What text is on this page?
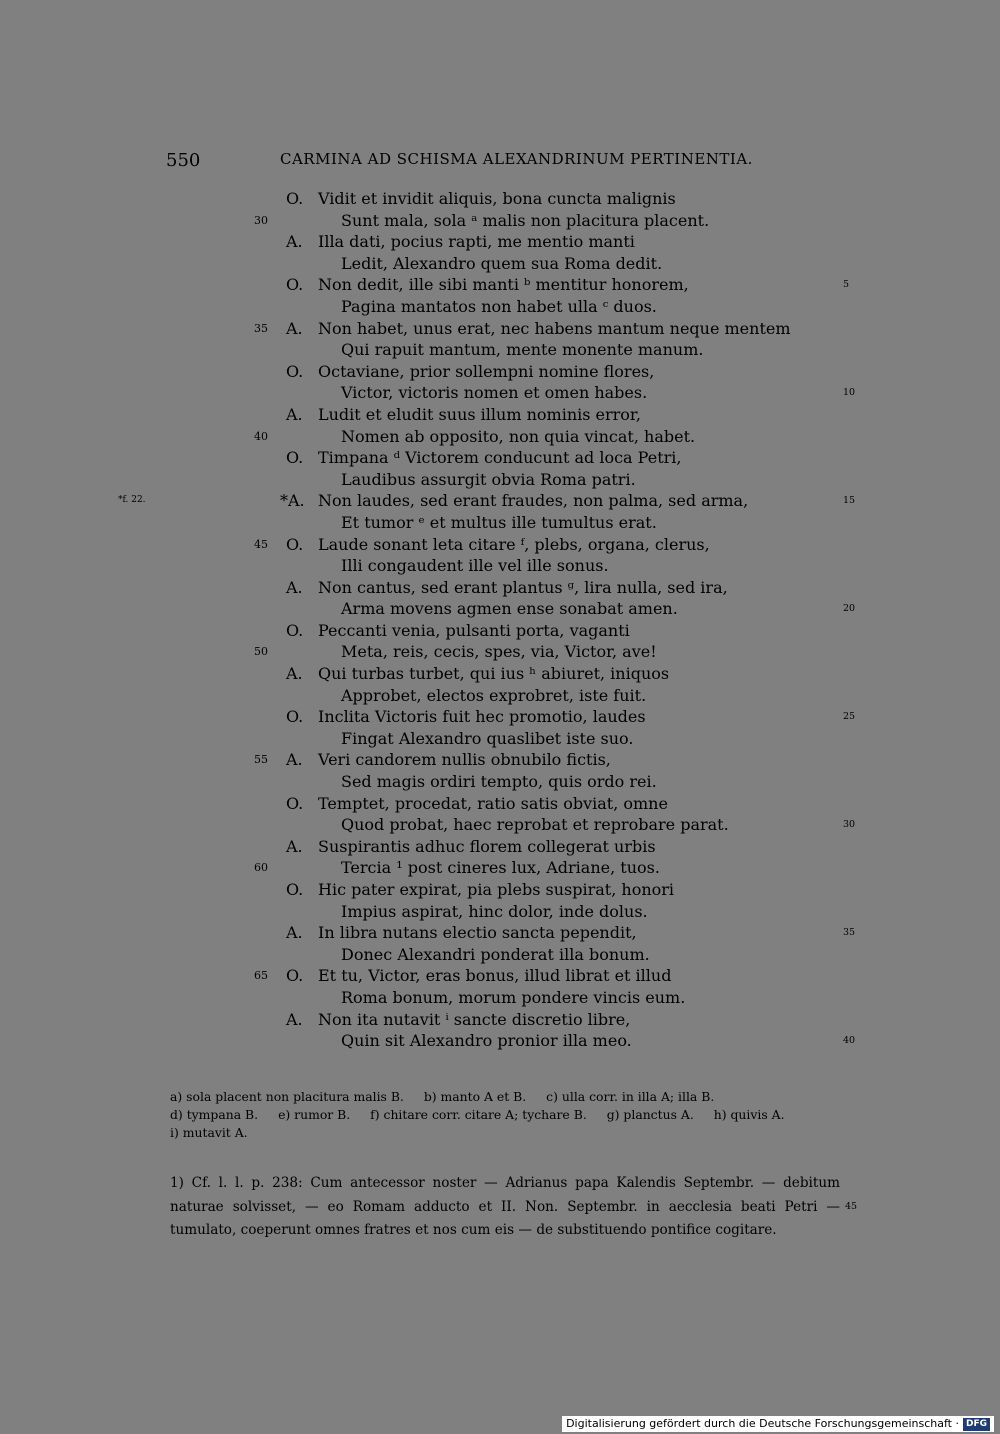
550	CARMINA AD SCHISMA ALEXANDRINUM PERTINENTIA.
O. Vidit et invidit aliquis, bona cuncta malignis
30	Sunt mala, sola ᵃ malis non placitura placent.
A. Illa dati, pocius rapti, me mentio manti
Ledit, Alexandro quem sua Roma dedit.
O. Non dedit, ille sibi manti ᵇ mentitur honorem,	5
Pagina mantatos non habet ulla ᶜ duos.
35 A. Non habet, unus erat, nec habens mantum neque mentem
Qui rapuit mantum, mente monente manum.
O. Octaviane, prior sollempni nomine flores,
Victor, victoris nomen et omen habes.	10
A. Ludit et eludit suus illum nominis error,
40	Nomen ab opposito, non quia vincat, habet.
O. Timpana ᵈ Victorem conducunt ad loca Petri,
Laudibus assurgit obvia Roma patri.
*f. 22.	*A. Non laudes, sed erant fraudes, non palma, sed arma,	15
Et tumor ᵉ et multus ille tumultus erat.
45 O. Laude sonant leta citare ᶠ, plebs, organa, clerus,
Illi congaudent ille vel ille sonus.
A. Non cantus, sed erant plantus ᵍ, lira nulla, sed ira,
Arma movens agmen ense sonabat amen.	20
O. Peccanti venia, pulsanti porta, vaganti
50	Meta, reis, cecis, spes, via, Victor, ave!
A. Qui turbas turbet, qui ius ʰ abiuret, iniquos
Approbet, electos exprobret, iste fuit.
O. Inclita Victoris fuit hec promotio, laudes	25
Fingat Alexandro quaslibet iste suo.
55 A. Veri candorem nullis obnubilo fictis,
Sed magis ordiri tempto, quis ordo rei.
O. Temptet, procedat, ratio satis obviat, omne
Quod probat, haec reprobat et reprobare parat.	30
A. Suspirantis adhuc florem collegerat urbis
60	Tercia ¹ post cineres lux, Adriane, tuos.
O. Hic pater expirat, pia plebs suspirat, honori
Impius aspirat, hinc dolor, inde dolus.
A. In libra nutans electio sancta pependit,	35
Donec Alexandri ponderat illa bonum.
65 O. Et tu, Victor, eras bonus, illud librat et illud
Roma bonum, morum pondere vincis eum.
A. Non ita nutavit ⁱ sancte discretio libre,
Quin sit Alexandro pronior illa meo.	40
a) sola placent non placitura malis B. b) manto A et B. c) ulla corr. in illa A; illa B.
d) tympana B. e) rumor B. f) chitare corr. citare A; tychare B. g) planctus A. h) quivis A.
i) mutavit A.
1) Cf. l. l. p. 238: Cum antecessor noster — Adrianus papa Kalendis Septembr. — debitum naturae solvisset, — eo Romam adducto et II. Non. Septembr. in aecclesia beati Petri — tumulato, coeperunt omnes fratres et nos cum eis — de substituendo pontifice cogitare.
45
Digitalisierung gefördert durch die Deutsche Forschungsgemeinschaft · DFG
